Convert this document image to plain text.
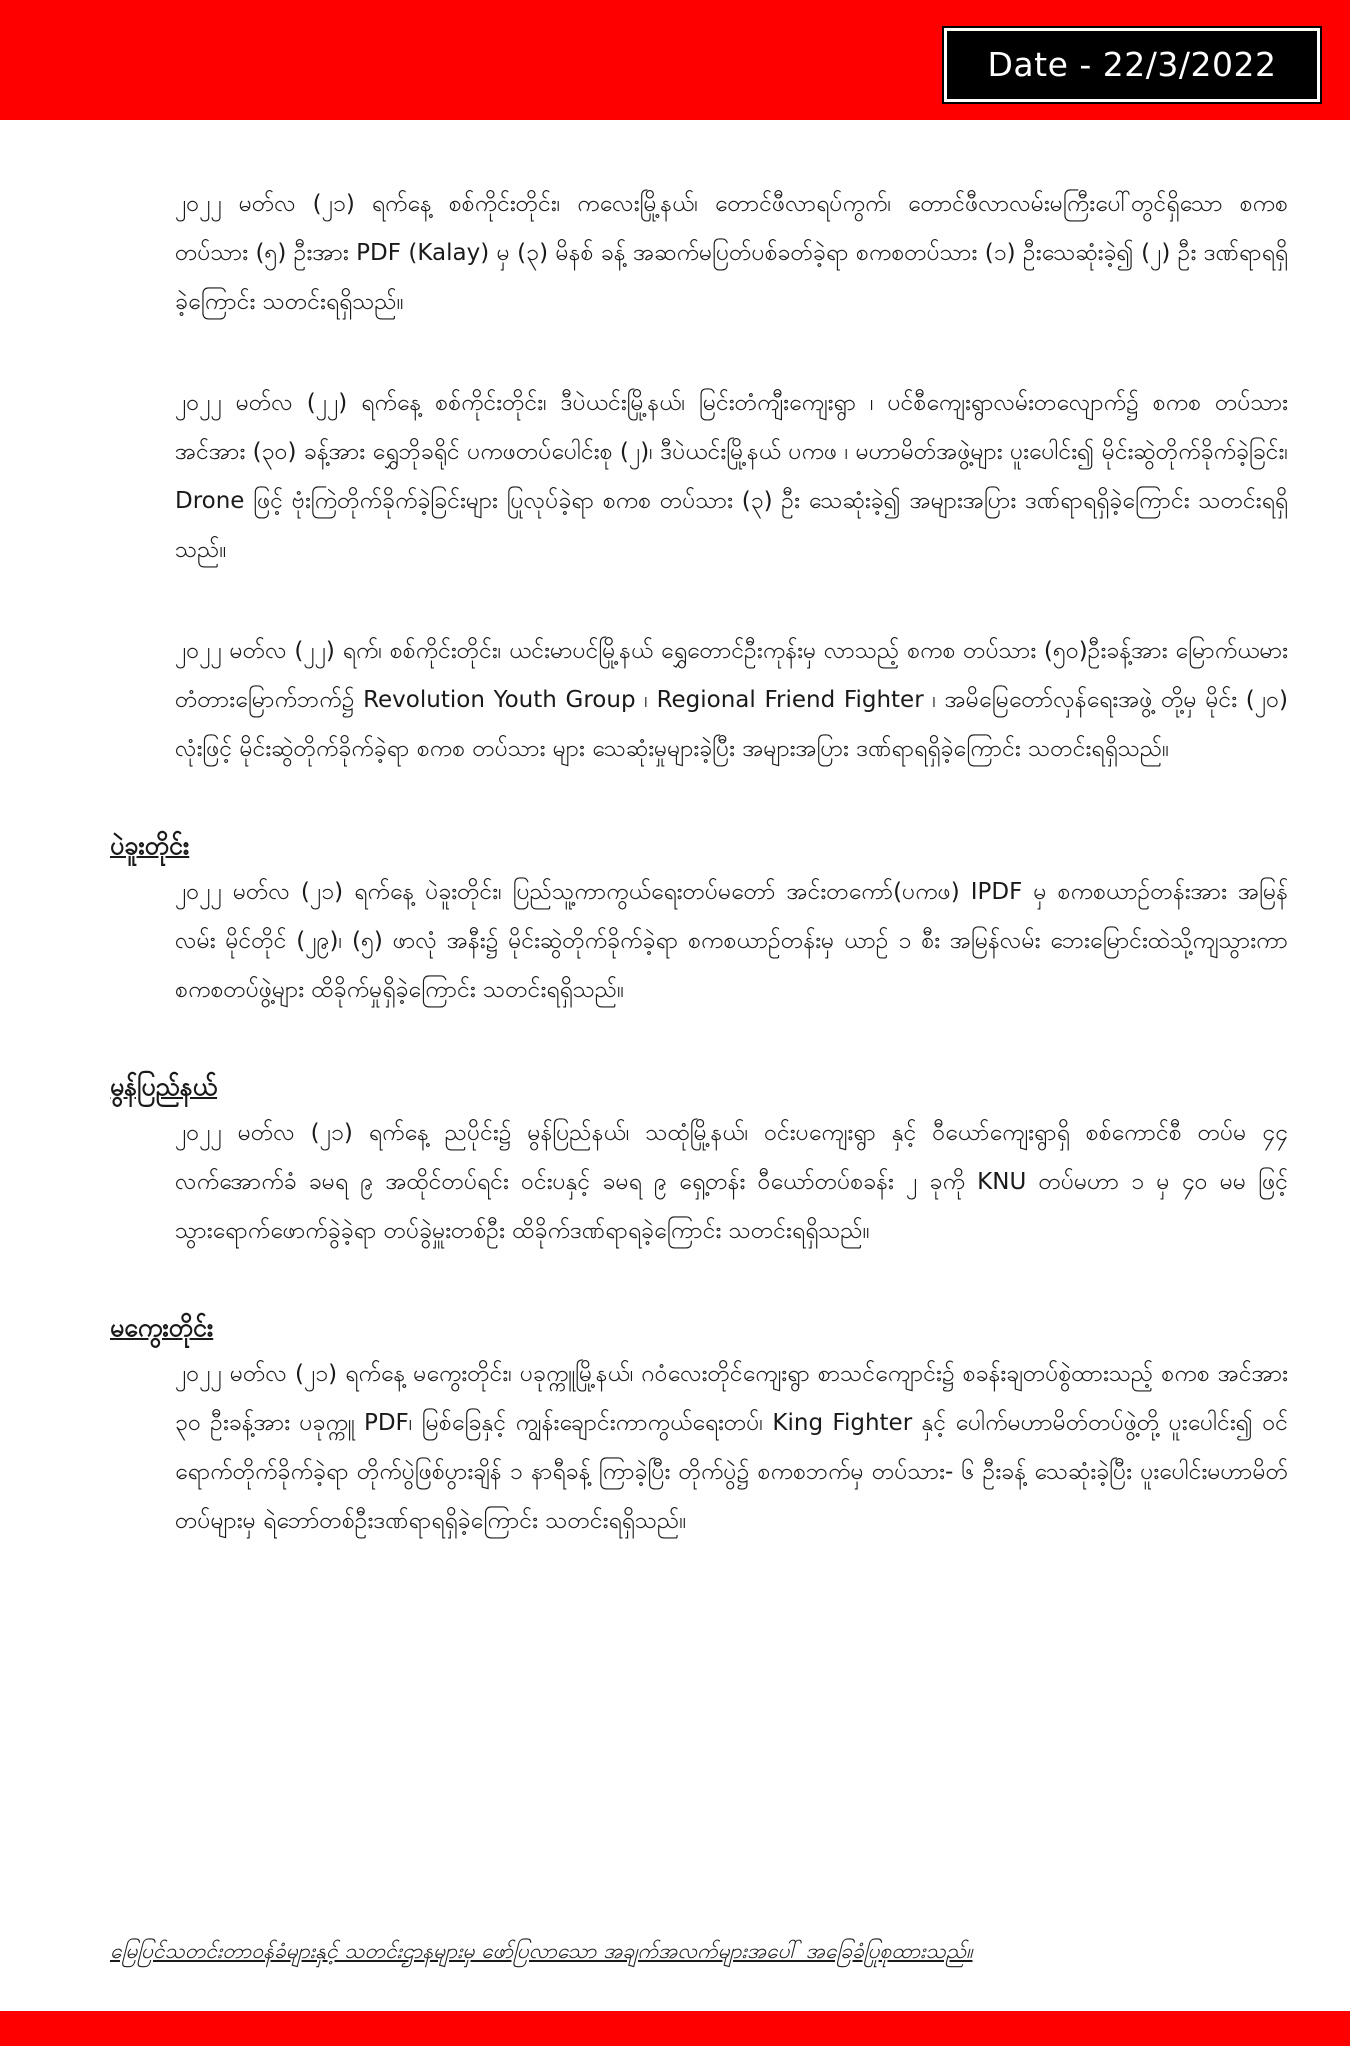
Date - 22/3/2022

၂၀၂၂ မတ်လ (၂၁) ရက်နေ့ စစ်ကိုင်းတိုင်း၊ ကလေးမြို့နယ်၊ တောင်ဖီလာရပ်ကွက်၊ တောင်ဖီလာလမ်းမကြီးပေါ်တွင်ရှိသော စကစ တပ်သား (၅) ဦးအား PDF (Kalay) မှ (၃) မိနစ် ခန့် အဆက်မပြတ်ပစ်ခတ်ခဲ့ရာ စကစတပ်သား (၁) ဦးသေဆုံးခဲ့၍ (၂) ဦး ဒဏ်ရာရရှိခဲ့ကြောင်း သတင်းရရှိသည်။

၂၀၂၂ မတ်လ (၂၂) ရက်နေ့ စစ်ကိုင်းတိုင်း၊ ဒီပဲယင်းမြို့နယ်၊ မြင်းတံကျီးကျေးရွာ ၊ ပင်စီကျေးရွာလမ်းတလျောက်၌ စကစ တပ်သား အင်အား (၃၀) ခန့်အား ရွှေဘိုခရိုင် ပကဖတပ်ပေါင်းစု (၂)၊ ဒီပဲယင်းမြို့နယ် ပကဖ ၊ မဟာမိတ်အဖွဲ့များ ပူးပေါင်း၍ မိုင်းဆွဲတိုက်ခိုက်ခဲ့ခြင်း၊ Drone ဖြင့် ဗုံးကြဲတိုက်ခိုက်ခဲ့ခြင်းများ ပြုလုပ်ခဲ့ရာ စကစ တပ်သား (၃) ဦး သေဆုံးခဲ့၍ အများအပြား ဒဏ်ရာရရှိခဲ့ကြောင်း သတင်းရရှိသည်။

၂၀၂၂ မတ်လ (၂၂) ရက်၊ စစ်ကိုင်းတိုင်း၊ ယင်းမာပင်မြို့နယ် ရွှေတောင်ဦးကုန်းမှ လာသည့် စကစ တပ်သား (၅၀)ဦးခန့်အား မြောက်ယမားတံတားမြောက်ဘက်၌ Revolution Youth Group ၊ Regional Friend Fighter ၊ အမိမြေတော်လှန်ရေးအဖွဲ့ တို့မှ မိုင်း (၂၀) လုံးဖြင့် မိုင်းဆွဲတိုက်ခိုက်ခဲ့ရာ စကစ တပ်သား များ သေဆုံးမှုများခဲ့ပြီး အများအပြား ဒဏ်ရာရရှိခဲ့ကြောင်း သတင်းရရှိသည်။

ပဲခူးတိုင်း

၂၀၂၂ မတ်လ (၂၁) ရက်နေ့ ပဲခူးတိုင်း၊ ပြည်သူ့ကာကွယ်ရေးတပ်မတော် အင်းတကော်(ပကဖ) IPDF မှ စကစယာဉ်တန်းအား အမြန်လမ်း မိုင်တိုင် (၂၉)၊ (၅) ဖာလုံ အနီး၌ မိုင်းဆွဲတိုက်ခိုက်ခဲ့ရာ စကစယာဉ်တန်းမှ ယာဉ် ၁ စီး အမြန်လမ်း ဘေးမြောင်းထဲသို့ကျသွားကာ စကစတပ်ဖွဲ့များ ထိခိုက်မှုရှိခဲ့ကြောင်း သတင်းရရှိသည်။

မွန်ပြည်နယ်

၂၀၂၂ မတ်လ (၂၁) ရက်နေ့ ညပိုင်း၌ မွန်ပြည်နယ်၊ သထုံမြို့နယ်၊ ဝင်းပကျေးရွာ နှင့် ဝီယော်ကျေးရွာရှိ စစ်ကောင်စီ တပ်မ ၄၄ လက်အောက်ခံ ခမရ ၉ အထိုင်တပ်ရင်း ဝင်းပနှင့် ခမရ ၉ ရှေ့တန်း ဝီယော်တပ်စခန်း ၂ ခုကို KNU တပ်မဟာ ၁ မှ ၄၀ မမ ဖြင့် သွားရောက်ဖောက်ခွဲခဲ့ရာ တပ်ခွဲမှူးတစ်ဦး ထိခိုက်ဒဏ်ရာရခဲ့ကြောင်း သတင်းရရှိသည်။

မကွေးတိုင်း

၂၀၂၂ မတ်လ (၂၁) ရက်နေ့ မကွေးတိုင်း၊ ပခုက္ကူမြို့နယ်၊ ဂဝံလေးတိုင်ကျေးရွာ စာသင်ကျောင်း၌ စခန်းချတပ်စွဲထားသည့် စကစ အင်အား ၃၀ ဦးခန့်အား ပခုက္ကူ PDF၊ မြစ်ခြေနှင့် ကျွန်းချောင်းကာကွယ်ရေးတပ်၊ King Fighter နှင့် ပေါက်မဟာမိတ်တပ်ဖွဲ့တို့ ပူးပေါင်း၍ ဝင်ရောက်တိုက်ခိုက်ခဲ့ရာ တိုက်ပွဲဖြစ်ပွားချိန် ၁ နာရီခန့် ကြာခဲ့ပြီး တိုက်ပွဲ၌ စကစဘက်မှ တပ်သား- ၆ ဦးခန့် သေဆုံးခဲ့ပြီး ပူးပေါင်းမဟာမိတ်တပ်များမှ ရဲဘော်တစ်ဦးဒဏ်ရာရရှိခဲ့ကြောင်း သတင်းရရှိသည်။

မြေပြင်သတင်းတာဝန်ခံများနှင့် သတင်းဌာနများမှ ဖော်ပြလာသော အချက်အလက်များအပေါ် အခြေခံပြုစုထားသည်။
